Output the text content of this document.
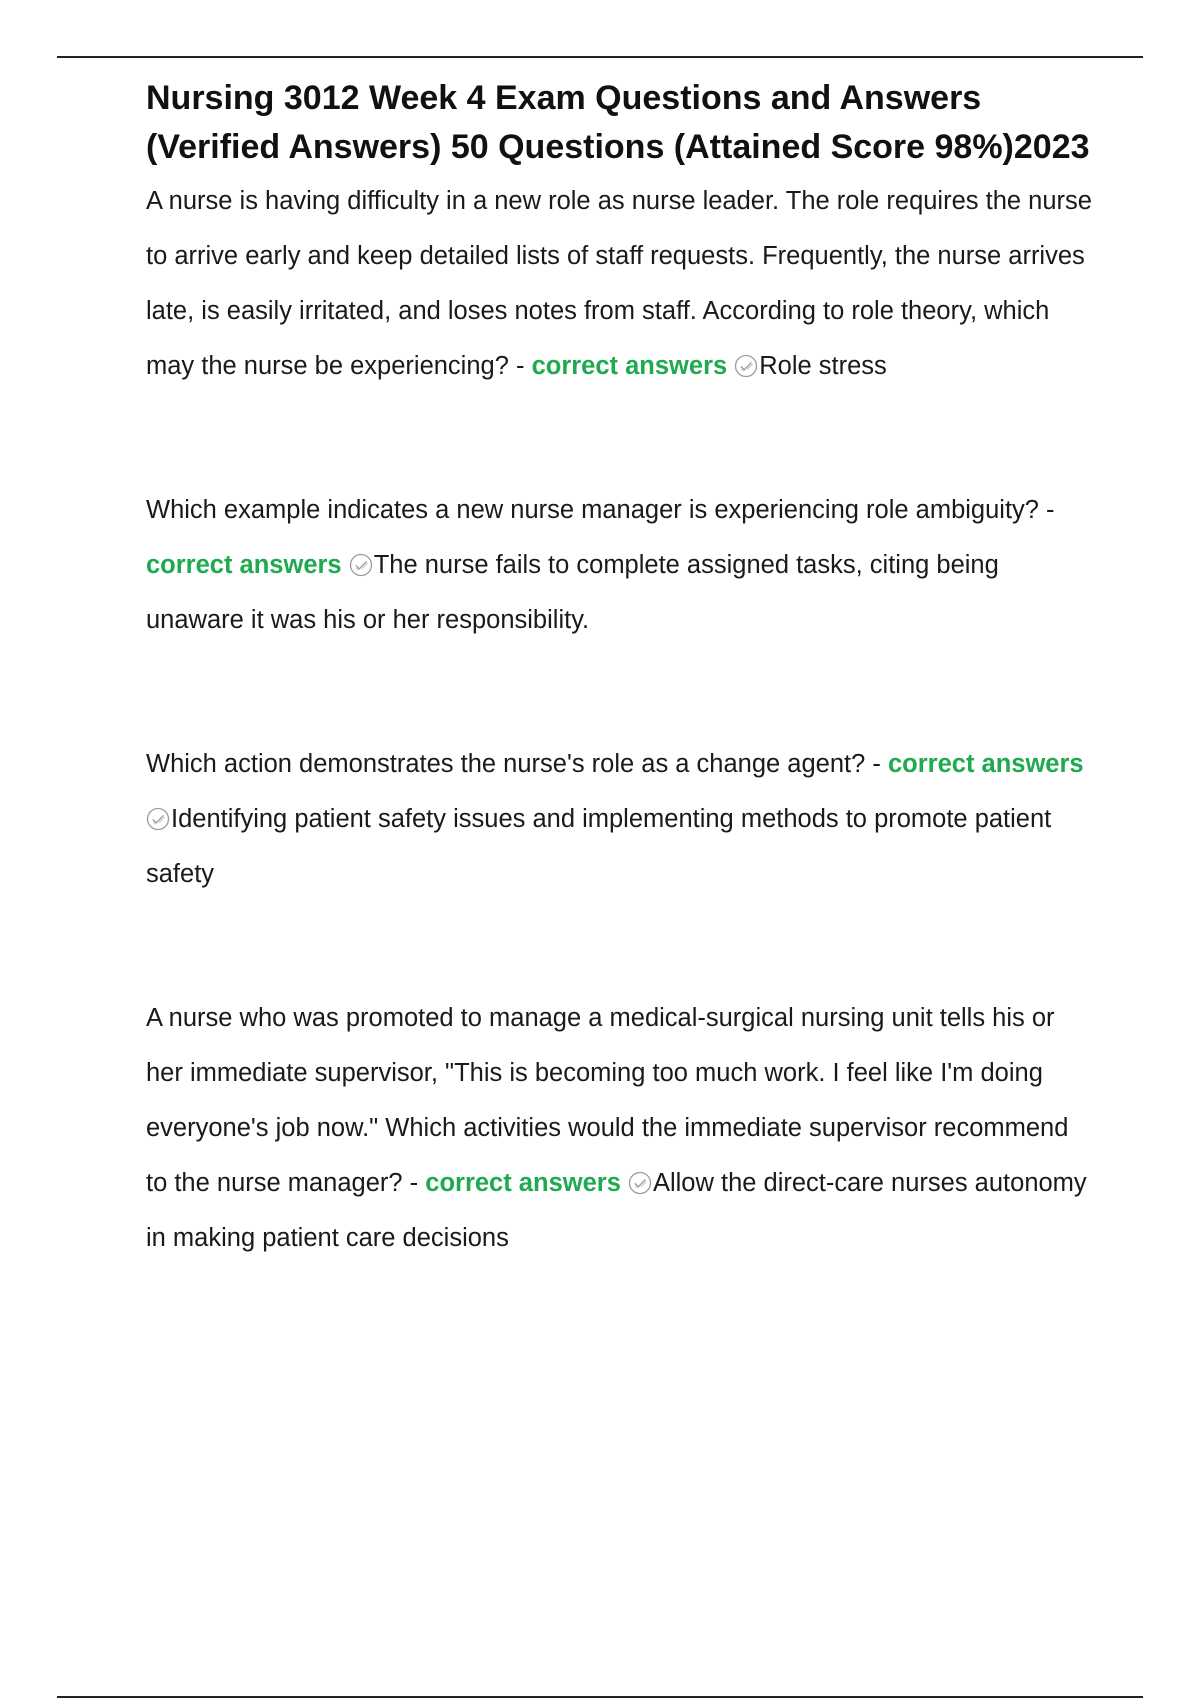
Nursing 3012 Week 4 Exam Questions and Answers (Verified Answers) 50 Questions (Attained Score 98%)2023

A nurse is having difficulty in a new role as nurse leader. The role requires the nurse to arrive early and keep detailed lists of staff requests. Frequently, the nurse arrives late, is easily irritated, and loses notes from staff. According to role theory, which may the nurse be experiencing? - correct answers Role stress

Which example indicates a new nurse manager is experiencing role ambiguity? - correct answers The nurse fails to complete assigned tasks, citing being unaware it was his or her responsibility.

Which action demonstrates the nurse's role as a change agent? - correct answers
Identifying patient safety issues and implementing methods to promote patient safety

A nurse who was promoted to manage a medical-surgical nursing unit tells his or her immediate supervisor, "This is becoming too much work. I feel like I'm doing everyone's job now." Which activities would the immediate supervisor recommend to the nurse manager? - correct answers Allow the direct-care nurses autonomy in making patient care decisions
